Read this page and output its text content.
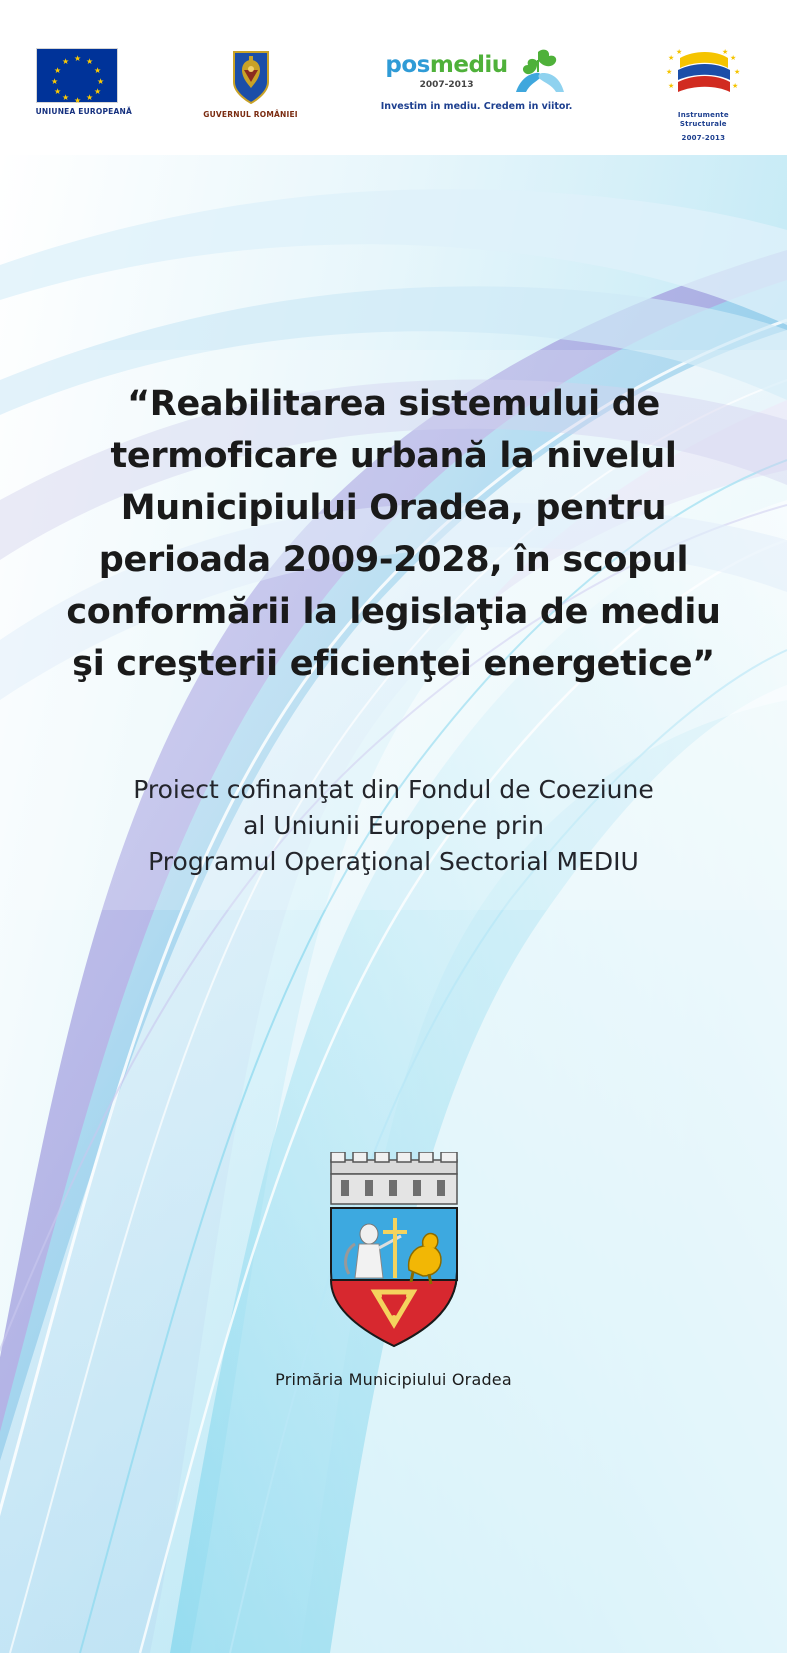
★ ★
★
★
★
★
★
★
★
★
★
★
UNIUNEA EUROPEANĂ	GUVERNUL ROMÂNIEI
posmediu
2007-2013
Investim in mediu. Credem in viitor.
★	★
★	★
★	★
★	★
Instrumente Structurale
2007-2013
“Reabilitarea sistemului de
termoficare urbană la nivelul
Municipiului Oradea, pentru
perioada 2009-2028, în scopul
conformării la legislaţia de mediu
şi creşterii eficienţei energetice”
Proiect cofinanţat din Fondul de Coeziune
al Uniunii Europene prin
Programul Operaţional Sectorial MEDIU
Primăria Municipiului Oradea
